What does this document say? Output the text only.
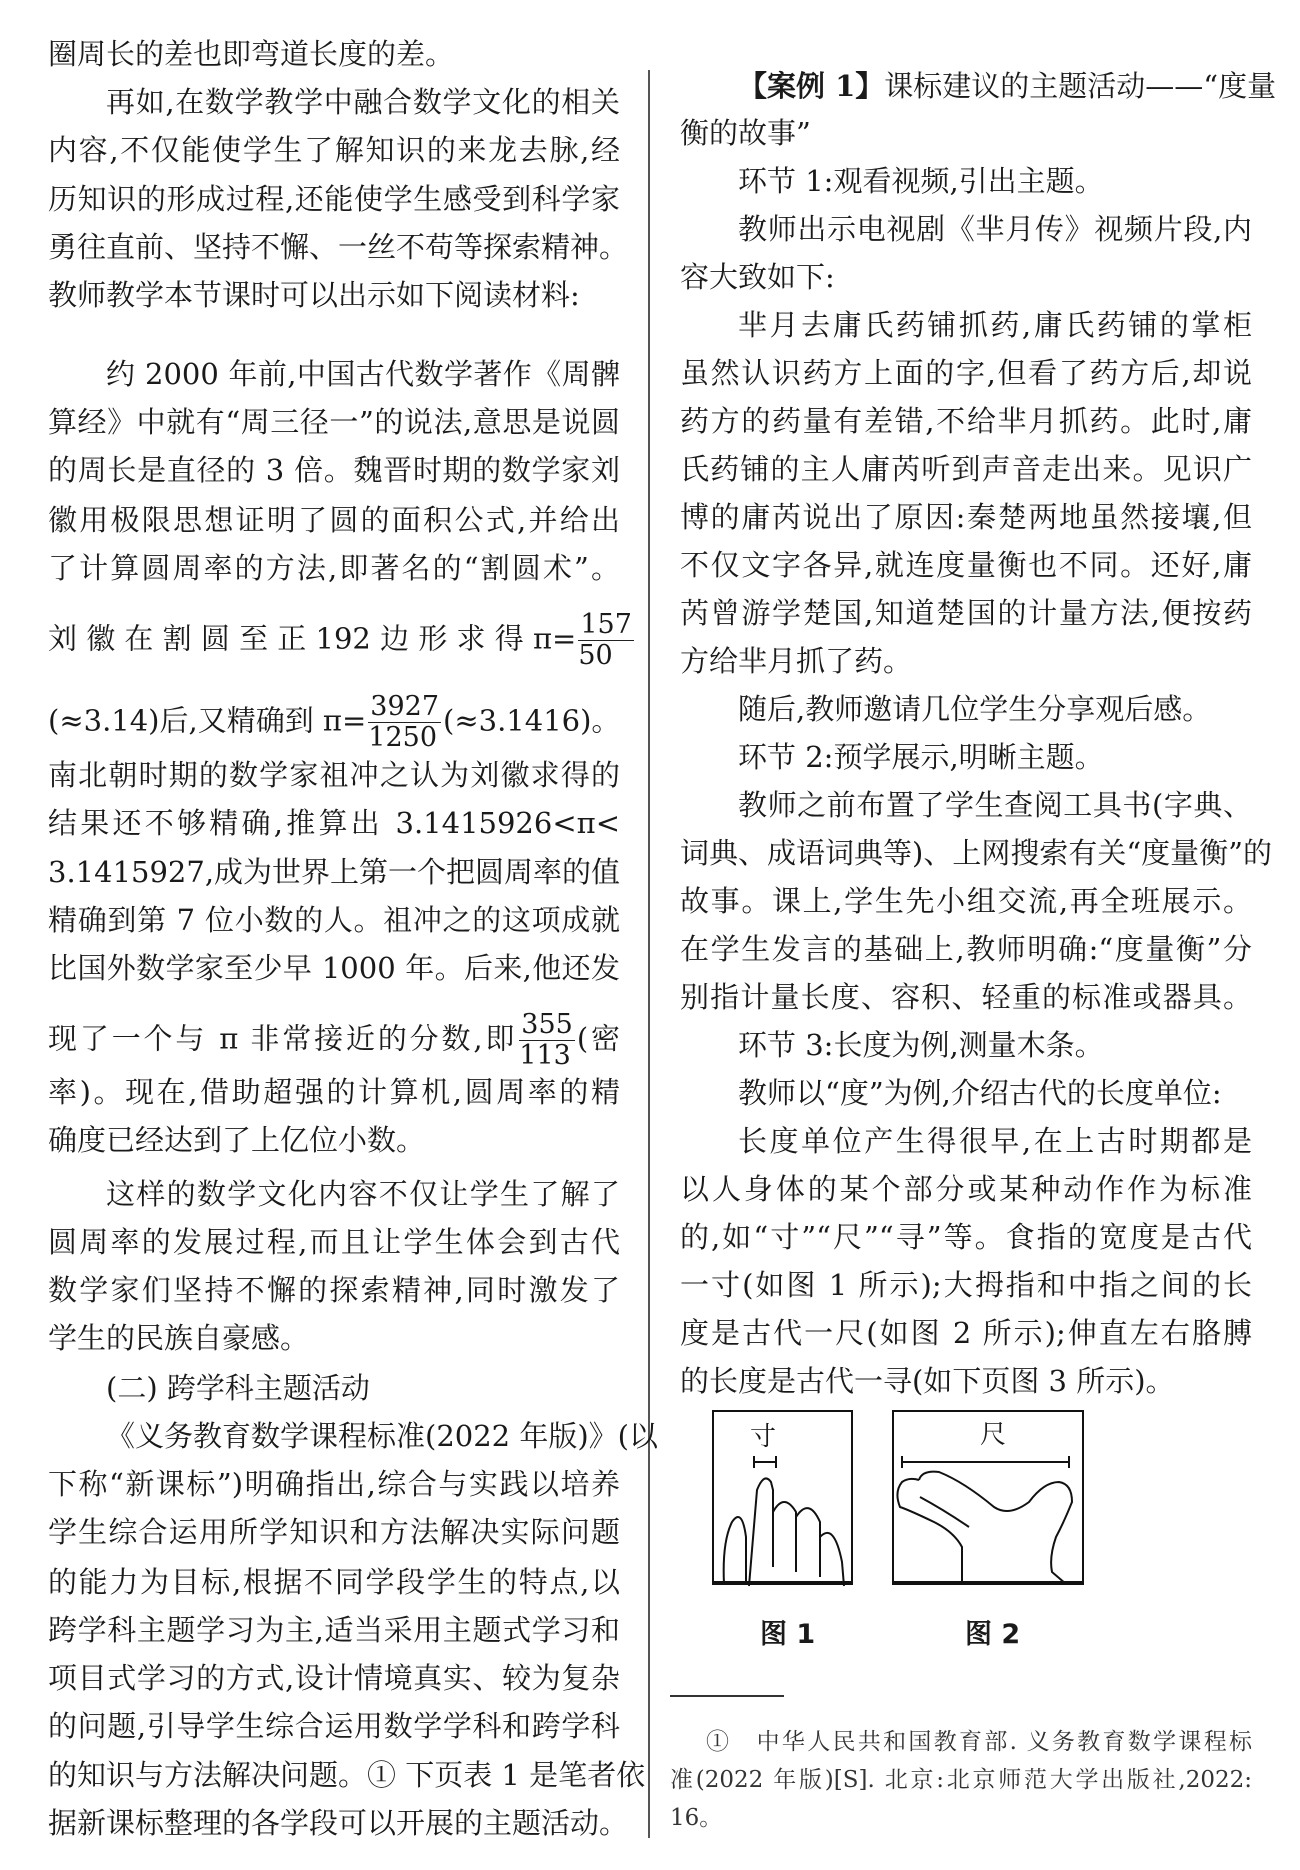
圈周长的差也即弯道长度的差。
再如,在数学教学中融合数学文化的相关
内容,不仅能使学生了解知识的来龙去脉,经
历知识的形成过程,还能使学生感受到科学家
勇往直前、坚持不懈、一丝不苟等探索精神。
教师教学本节课时可以出示如下阅读材料:
约 2000 年前,中国古代数学著作《周髀
算经》中就有“周三径一”的说法,意思是说圆
的周长是直径的 3 倍。魏晋时期的数学家刘
徽用极限思想证明了圆的面积公式,并给出
了计算圆周率的方法,即著名的“割圆术”。
刘 徽 在 割 圆 至 正 192 边 形 求 得 $\pi= \frac{157}{50}$
(≈3.14)后,又精确到 $\pi= \frac{3927}{1250} (\approx 3.1416)$。
南北朝时期的数学家祖冲之认为刘徽求得的
结果还不够精确,推算出 3.1415926<π<
3.1415927,成为世界上第一个把圆周率的值
精确到第 7 位小数的人。祖冲之的这项成就
比国外数学家至少早 1000 年。后来,他还发
现了一个与 π 非常接近的分数,即 $\frac{355}{113}$ (密
率)。现在,借助超强的计算机,圆周率的精
确度已经达到了上亿位小数。
这样的数学文化内容不仅让学生了解了
圆周率的发展过程,而且让学生体会到古代
数学家们坚持不懈的探索精神,同时激发了
学生的民族自豪感。
(二) 跨学科主题活动
《义务教育数学课程标准(2022 年版)》(以
下称“新课标”)明确指出,综合与实践以培养
学生综合运用所学知识和方法解决实际问题
的能力为目标,根据不同学段学生的特点,以
跨学科主题学习为主,适当采用主题式学习和
项目式学习的方式,设计情境真实、较为复杂
的问题,引导学生综合运用数学学科和跨学科
的知识与方法解决问题。① 下页表 1 是笔者依
据新课标整理的各学段可以开展的主题活动。
【案例 1】课标建议的主题活动——“度量
衡的故事”
环节 1:观看视频,引出主题。
教师出示电视剧《芈月传》视频片段,内
容大致如下:
芈月去庸氏药铺抓药,庸氏药铺的掌柜
虽然认识药方上面的字,但看了药方后,却说
药方的药量有差错,不给芈月抓药。此时,庸
氏药铺的主人庸芮听到声音走出来。见识广
博的庸芮说出了原因:秦楚两地虽然接壤,但
不仅文字各异,就连度量衡也不同。还好,庸
芮曾游学楚国,知道楚国的计量方法,便按药
方给芈月抓了药。
随后,教师邀请几位学生分享观后感。
环节 2:预学展示,明晰主题。
教师之前布置了学生查阅工具书(字典、
词典、成语词典等)、上网搜索有关“度量衡”的
故事。课上,学生先小组交流,再全班展示。
在学生发言的基础上,教师明确:“度量衡”分
别指计量长度、容积、轻重的标准或器具。
环节 3:长度为例,测量木条。
教师以“度”为例,介绍古代的长度单位:
长度单位产生得很早,在上古时期都是
以人身体的某个部分或某种动作作为标准
的,如“寸”“尺”“寻”等。食指的宽度是古代
一寸(如图 1 所示);大拇指和中指之间的长
度是古代一尺(如图 2 所示);伸直左右胳膊
的长度是古代一寻(如下页图 3 所示)。
寸	尺
图 1	图 2
①　中华人民共和国教育部. 义务教育数学课程标
准(2022 年版)[S]. 北京:北京师范大学出版社,2022:
16。
